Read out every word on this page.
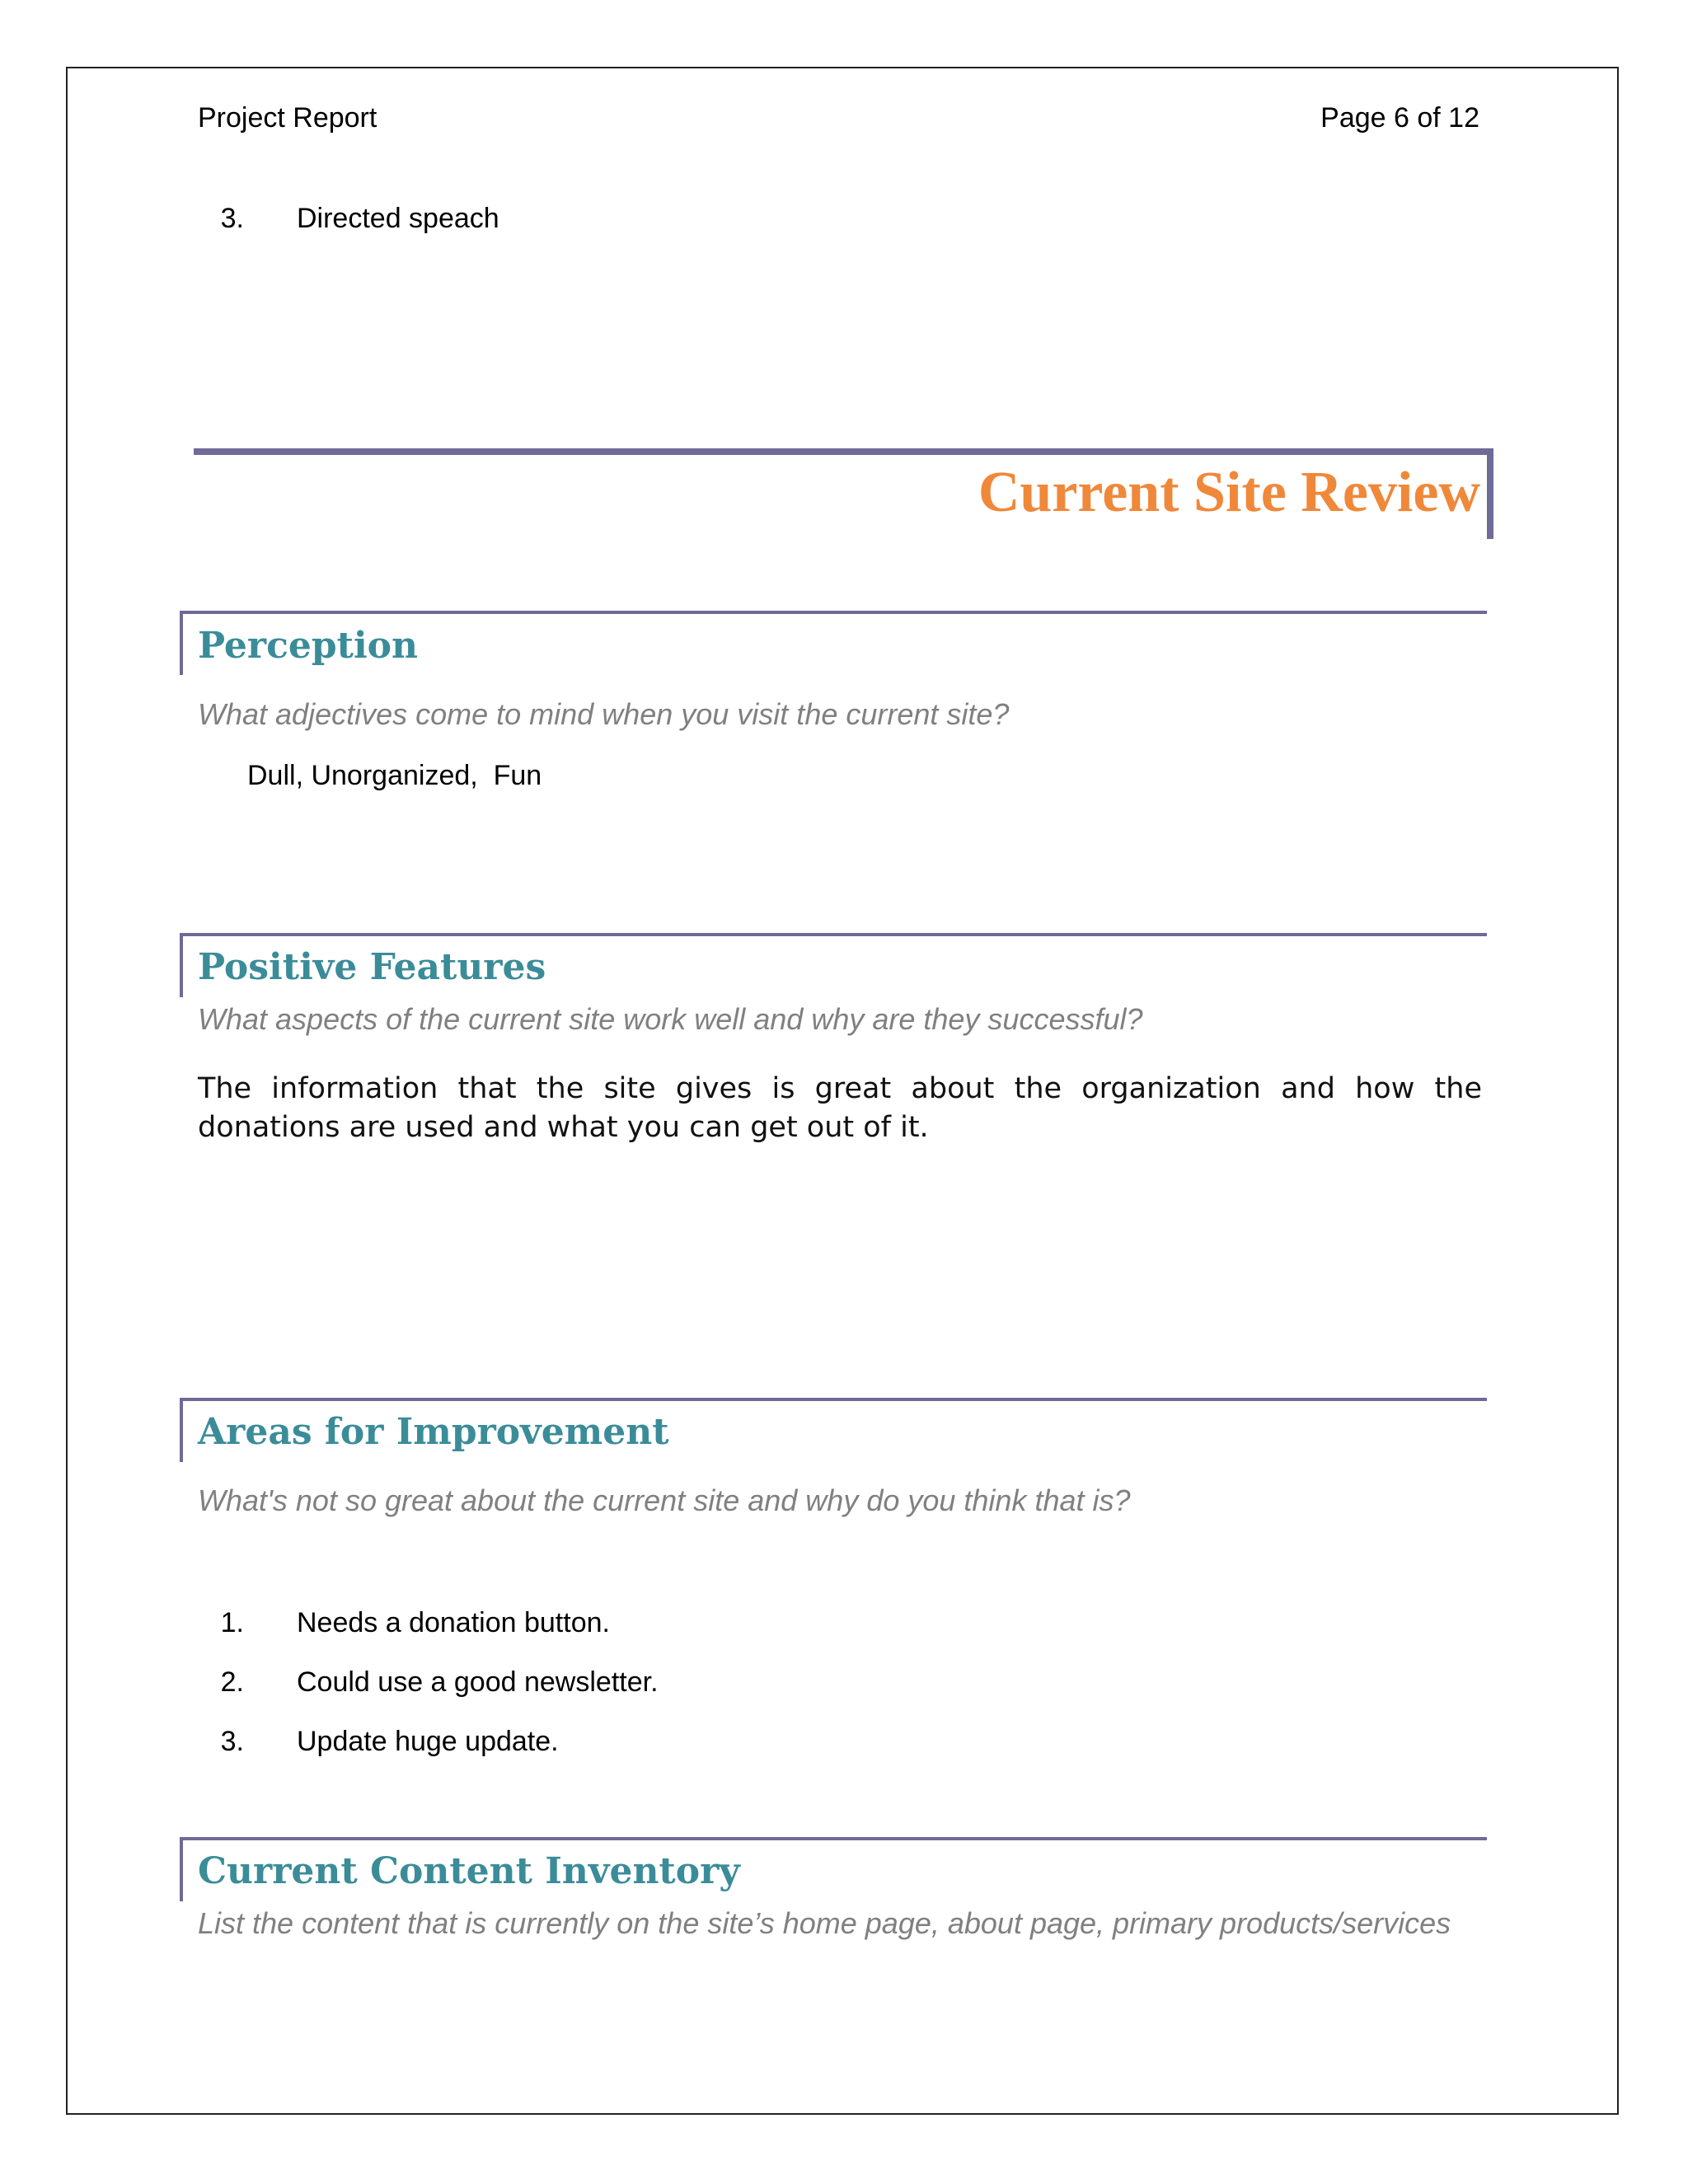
Project Report	Page 6 of 12
3. Directed speach
Current Site Review
Perception
What adjectives come to mind when you visit the current site?
Dull, Unorganized,  Fun
Positive Features
What aspects of the current site work well and why are they successful?
The information that the site gives is great about the organization and how the donations are used and what you can get out of it.
Areas for Improvement
What's not so great about the current site and why do you think that is?
1. Needs a donation button.
2. Could use a good newsletter.
3. Update huge update.
Current Content Inventory
List the content that is currently on the site’s home page, about page, primary products/services
